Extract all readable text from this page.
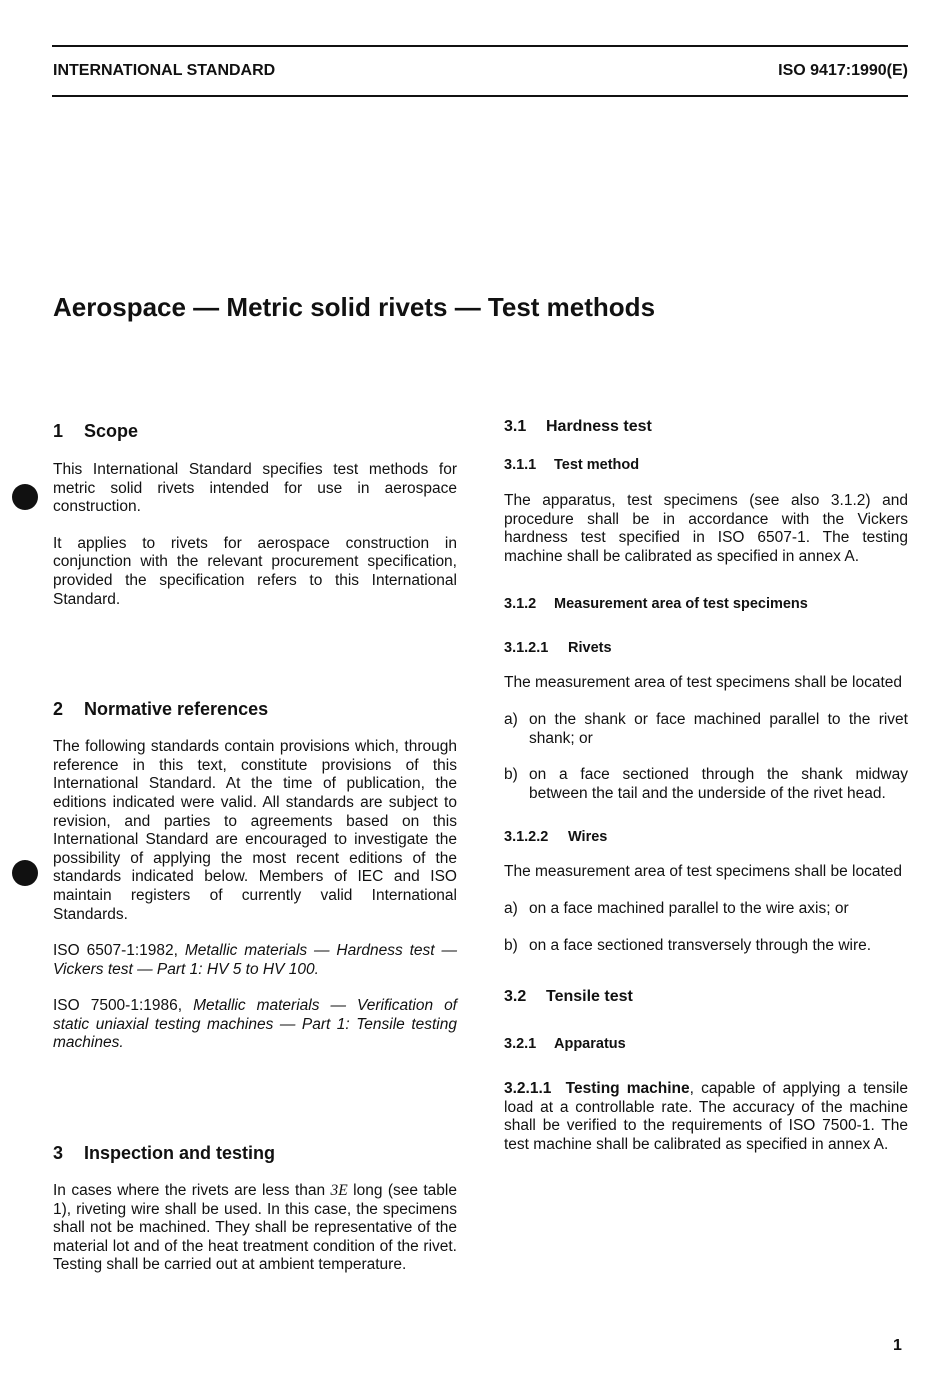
INTERNATIONAL STANDARD	ISO 9417:1990(E)
Aerospace — Metric solid rivets — Test methods
1 Scope

This International Standard specifies test methods for metric solid rivets intended for use in aerospace construction.

It applies to rivets for aerospace construction in conjunction with the relevant procurement specification, provided the specification refers to this International Standard.

2 Normative references

The following standards contain provisions which, through reference in this text, constitute provisions of this International Standard. At the time of publication, the editions indicated were valid. All standards are subject to revision, and parties to agreements based on this International Standard are encouraged to investigate the possibility of applying the most recent editions of the standards indicated below. Members of IEC and ISO maintain registers of currently valid International Standards.

ISO 6507-1:1982, Metallic materials — Hardness test — Vickers test — Part 1: HV 5 to HV 100.

ISO 7500-1:1986, Metallic materials — Verification of static uniaxial testing machines — Part 1: Tensile testing machines.

3 Inspection and testing

In cases where the rivets are less than 3E long (see table 1), riveting wire shall be used. In this case, the specimens shall not be machined. They shall be representative of the material lot and of the heat treatment condition of the rivet. Testing shall be carried out at ambient temperature.

3.1 Hardness test
3.1.1 Test method

The apparatus, test specimens (see also 3.1.2) and procedure shall be in accordance with the Vickers hardness test specified in ISO 6507-1. The testing machine shall be calibrated as specified in annex A.

3.1.2 Measurement area of test specimens
3.1.2.1 Rivets

The measurement area of test specimens shall be located

a) on the shank or face machined parallel to the rivet shank; or
b) on a face sectioned through the shank midway between the tail and the underside of the rivet head.
3.1.2.2 Wires

The measurement area of test specimens shall be located

a) on a face machined parallel to the wire axis; or
b) on a face sectioned transversely through the wire.
3.2 Tensile test
3.2.1 Apparatus

3.2.1.1 Testing machine, capable of applying a tensile load at a controllable rate. The accuracy of the machine shall be verified to the requirements of ISO 7500-1. The test machine shall be calibrated as specified in annex A.

1
